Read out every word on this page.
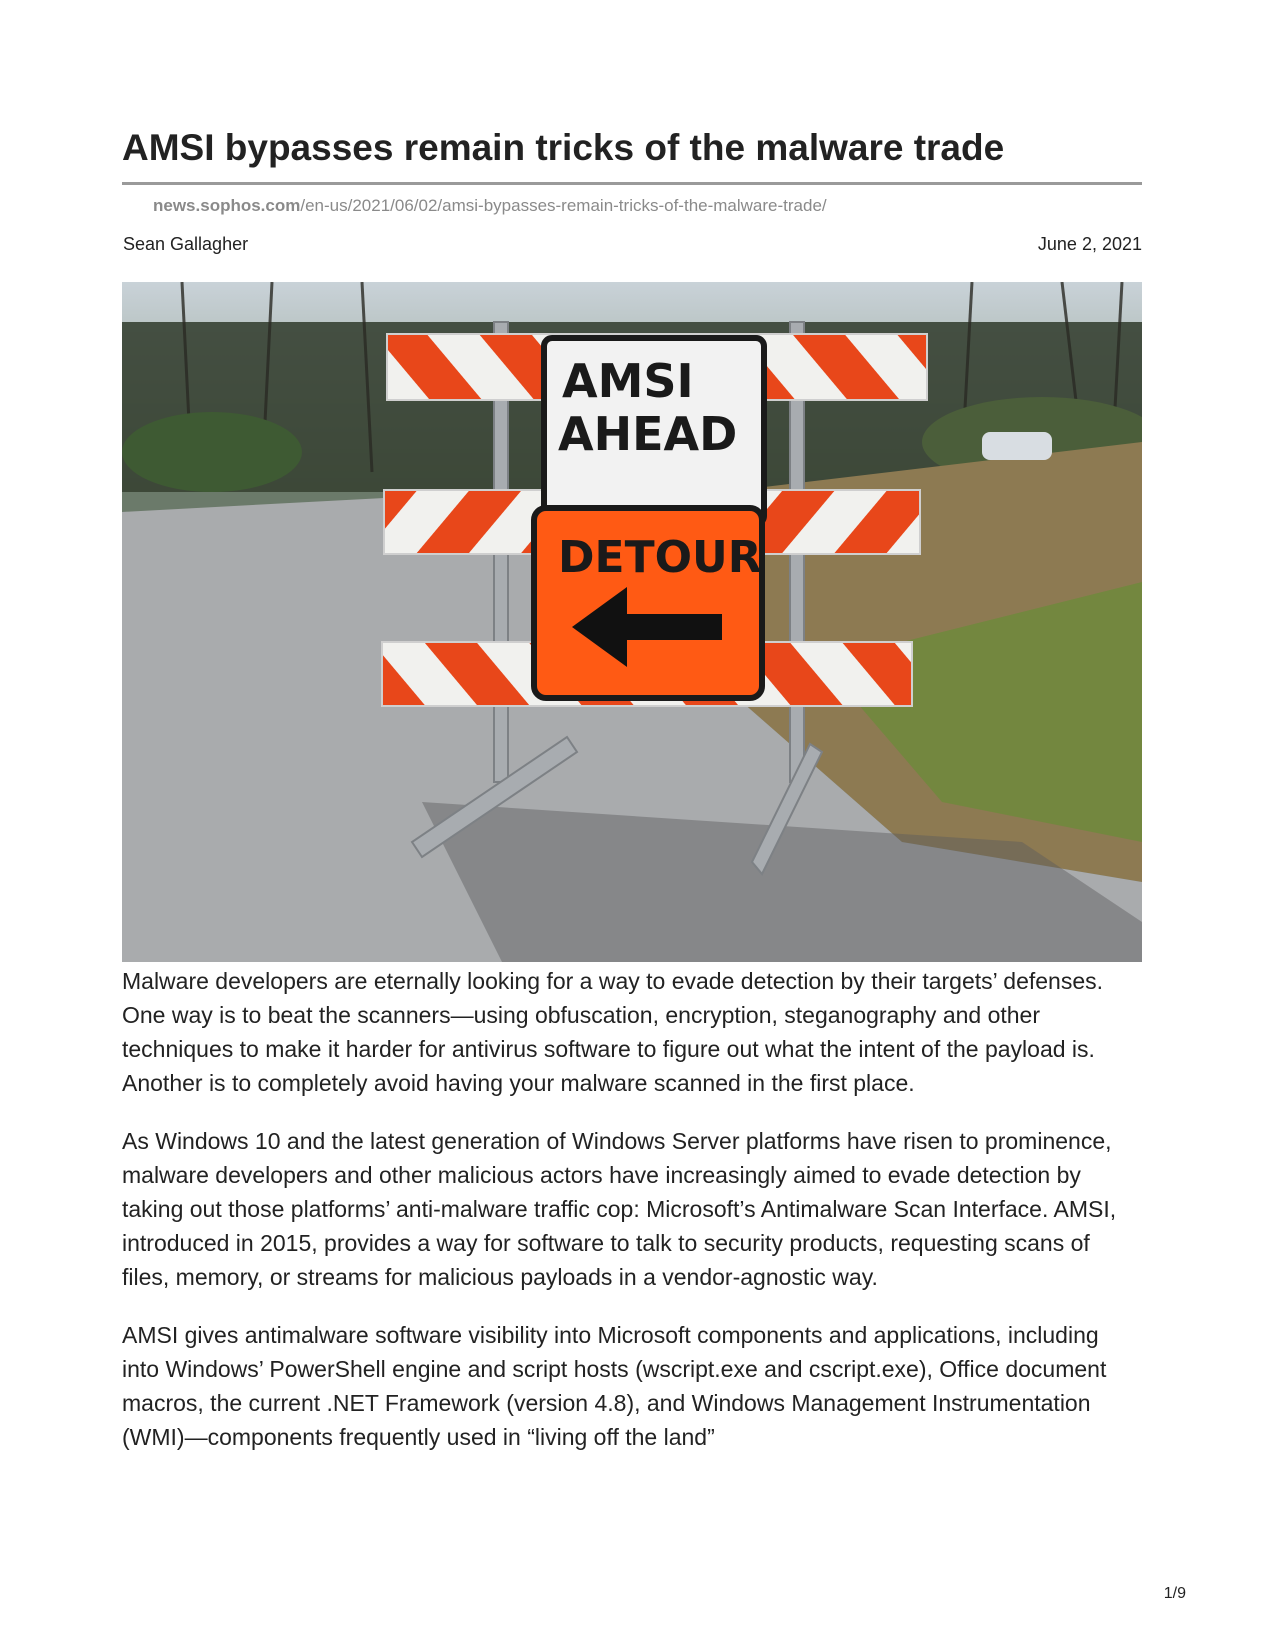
AMSI bypasses remain tricks of the malware trade
news.sophos.com/en-us/2021/06/02/amsi-bypasses-remain-tricks-of-the-malware-trade/
Sean Gallagher	June 2, 2021
AMSI
AHEAD
DETOUR

Malware developers are eternally looking for a way to evade detection by their targets’ defenses. One way is to beat the scanners—using obfuscation, encryption, steganography and other techniques to make it harder for antivirus software to figure out what the intent of the payload is. Another is to completely avoid having your malware scanned in the first place.

As Windows 10 and the latest generation of Windows Server platforms have risen to prominence, malware developers and other malicious actors have increasingly aimed to evade detection by taking out those platforms’ anti-malware traffic cop: Microsoft’s Antimalware Scan Interface. AMSI, introduced in 2015, provides a way for software to talk to security products, requesting scans of files, memory, or streams for malicious payloads in a vendor-agnostic way.

AMSI gives antimalware software visibility into Microsoft components and applications, including into Windows’ PowerShell engine and script hosts (wscript.exe and cscript.exe), Office document macros, the current .NET Framework (version 4.8), and Windows Management Instrumentation (WMI)—components frequently used in “living off the land”

1/9
